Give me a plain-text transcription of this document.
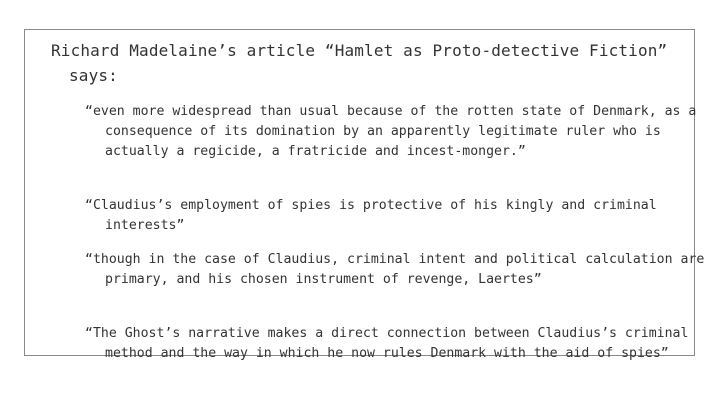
Richard Madelaine’s article “Hamlet as Proto-detective Fiction” says:

“even more widespread than usual because of the rotten state of Denmark, as a consequence of its domination by an apparently legitimate ruler who is actually a regicide, a fratricide and incest-monger.”

“Claudius’s employment of spies is protective of his kingly and criminal interests”

“though in the case of Claudius, criminal intent and political calculation are primary, and his chosen instrument of revenge, Laertes”

“The Ghost’s narrative makes a direct connection between Claudius’s criminal method and the way in which he now rules Denmark with the aid of spies”
